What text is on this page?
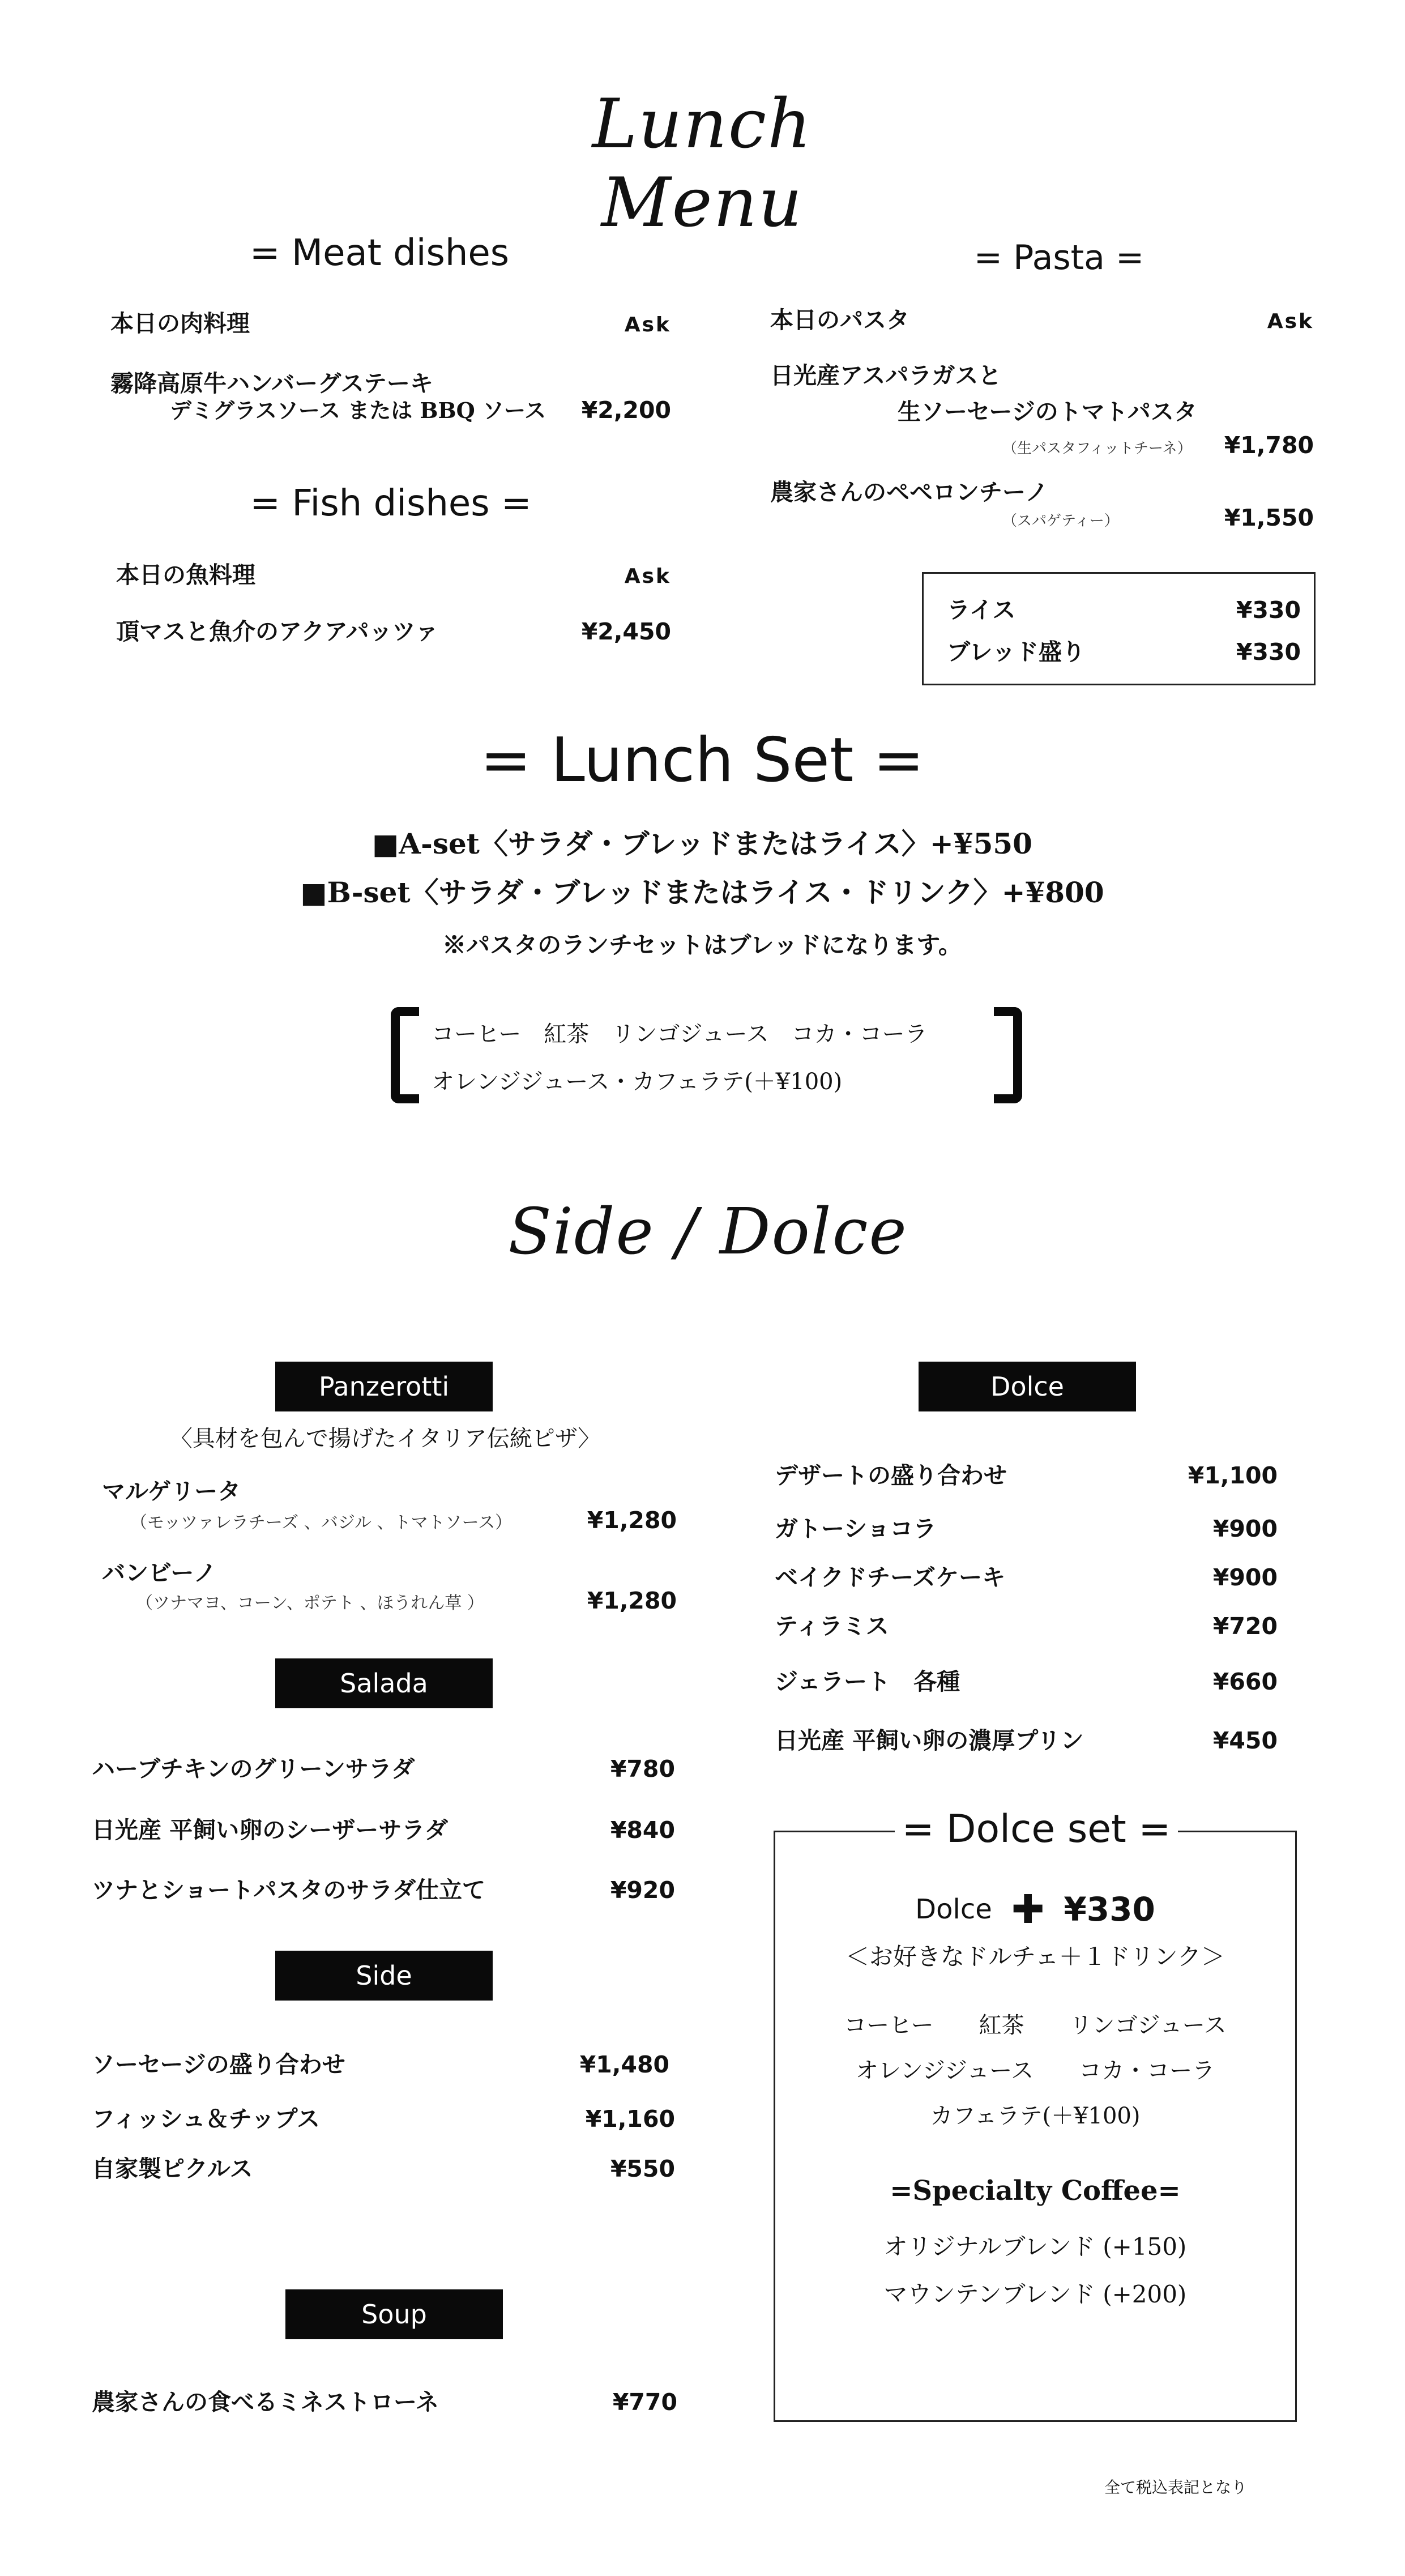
Lunch Menu
= Meat dishes
本日の肉料理	Ask
霧降高原牛ハンバーグステーキ
デミグラスソース または BBQ ソース ¥2,200
= Fish dishes =
本日の魚料理	Ask
頂マスと魚介のアクアパッツァ	¥2,450
= Pasta =
本日のパスタ	Ask
日光産アスパラガスと
生ソーセージのトマトパスタ
（生パスタフィットチーネ） ¥1,780
農家さんのペペロンチーノ
（スパゲティー）	¥1,550
ライス	¥330
ブレッド盛り	¥330
= Lunch Set =
■A-set〈サラダ・ブレッドまたはライス〉+¥550
■B-set〈サラダ・ブレッドまたはライス・ドリンク〉+¥800
※パスタのランチセットはブレッドになります。
コーヒー　紅茶　リンゴジュース　コカ・コーラ
オレンジジュース・カフェラテ(＋¥100)
Side / Dolce
Panzerotti
〈具材を包んで揚げたイタリア伝統ピザ〉
マルゲリータ
（モッツァレラチーズ 、バジル 、トマトソース）	¥1,280
バンビーノ
（ツナマヨ、コーン、ポテト 、ほうれん草 ）	¥1,280
Salada
ハーブチキンのグリーンサラダ	¥780
日光産 平飼い卵のシーザーサラダ	¥840
ツナとショートパスタのサラダ仕立て	¥920
Side
ソーセージの盛り合わせ	¥1,480
フィッシュ＆チップス	¥1,160
自家製ピクルス	¥550
Soup
農家さんの食べるミネストローネ	¥770
Dolce
デザートの盛り合わせ	¥1,100
ガトーショコラ	¥900
ベイクドチーズケーキ	¥900
ティラミス	¥720
ジェラート　各種	¥660
日光産 平飼い卵の濃厚プリン	¥450
= Dolce set =
Dolce ✚ ¥330
＜お好きなドルチェ＋１ドリンク＞
コーヒー　　紅茶　　リンゴジュース
オレンジジュース　　コカ・コーラ
カフェラテ(＋¥100)
=Specialty Coffee=
オリジナルブレンド (+150)
マウンテンブレンド (+200)
全て税込表記となり
